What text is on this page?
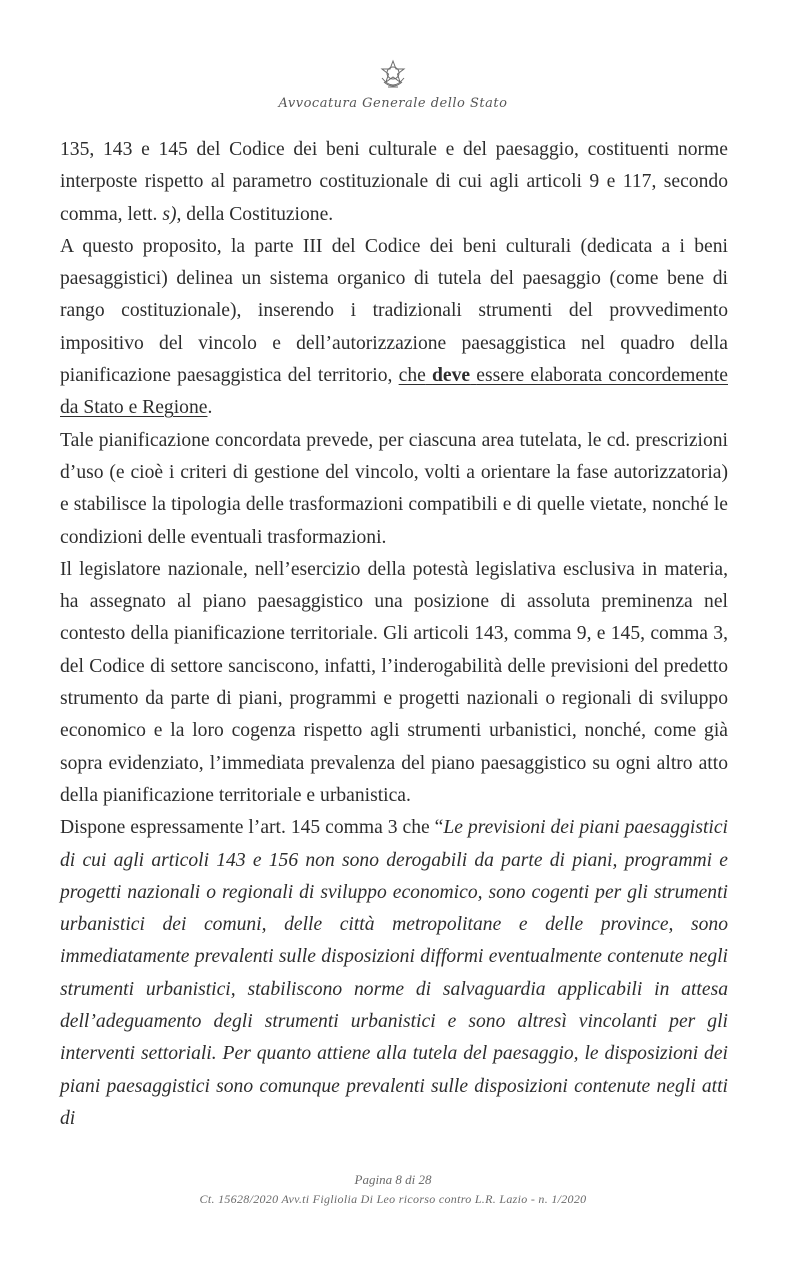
Avvocatura Generale dello Stato

135, 143 e 145 del Codice dei beni culturale e del paesaggio, costituenti norme interposte rispetto al parametro costituzionale di cui agli articoli 9 e 117, secondo comma, lett. s), della Costituzione.

A questo proposito, la parte III del Codice dei beni culturali (dedicata a i beni paesaggistici) delinea un sistema organico di tutela del paesaggio (come bene di rango costituzionale), inserendo i tradizionali strumenti del provvedimento impositivo del vincolo e dell’autorizzazione paesaggistica nel quadro della pianificazione paesaggistica del territorio, che deve essere elaborata concordemente da Stato e Regione.

Tale pianificazione concordata prevede, per ciascuna area tutelata, le cd. prescrizioni d’uso (e cioè i criteri di gestione del vincolo, volti a orientare la fase autorizzatoria) e stabilisce la tipologia delle trasformazioni compatibili e di quelle vietate, nonché le condizioni delle eventuali trasformazioni.

Il legislatore nazionale, nell’esercizio della potestà legislativa esclusiva in materia, ha assegnato al piano paesaggistico una posizione di assoluta preminenza nel contesto della pianificazione territoriale. Gli articoli 143, comma 9, e 145, comma 3, del Codice di settore sanciscono, infatti, l’inderogabilità delle previsioni del predetto strumento da parte di piani, programmi e progetti nazionali o regionali di sviluppo economico e la loro cogenza rispetto agli strumenti urbanistici, nonché, come già sopra evidenziato, l’immediata prevalenza del piano paesaggistico su ogni altro atto della pianificazione territoriale e urbanistica.

Dispone espressamente l’art. 145 comma 3 che “Le previsioni dei piani paesaggistici di cui agli articoli 143 e 156 non sono derogabili da parte di piani, programmi e progetti nazionali o regionali di sviluppo economico, sono cogenti per gli strumenti urbanistici dei comuni, delle città metropolitane e delle province, sono immediatamente prevalenti sulle disposizioni difformi eventualmente contenute negli strumenti urbanistici, stabiliscono norme di salvaguardia applicabili in attesa dell’adeguamento degli strumenti urbanistici e sono altresì vincolanti per gli interventi settoriali. Per quanto attiene alla tutela del paesaggio, le disposizioni dei piani paesaggistici sono comunque prevalenti sulle disposizioni contenute negli atti di

Pagina 8 di 28
Ct. 15628/2020 Avv.ti Figliolia Di Leo ricorso contro L.R. Lazio - n. 1/2020
